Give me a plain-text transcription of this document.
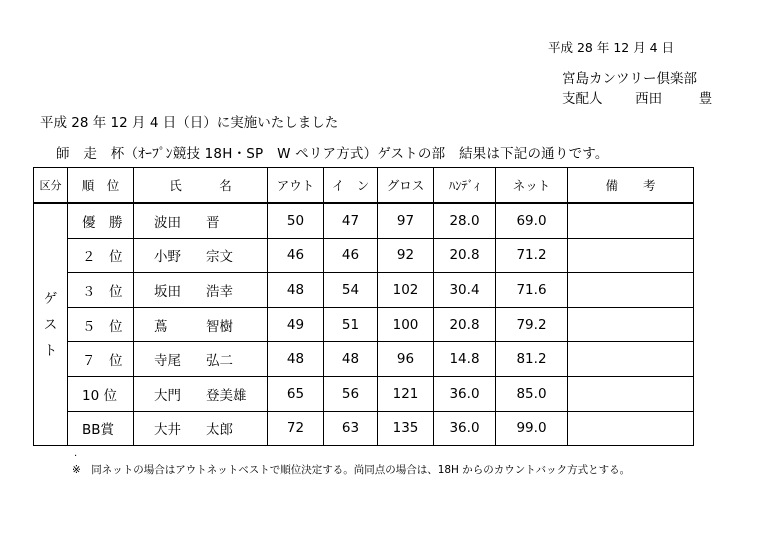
平成 28 年 12 月 4 日
宮島カンツリー倶楽部
支配人 西田	豊
平成 28 年 12 月 4 日（日）に実施いたしました
師　走　杯（ｵｰﾌﾟﾝ競技 18H・SP　W ペリア方式）ゲストの部　結果は下記の通りです。
区分	順　位	氏　　　名	アウト	イ　ン	グロス	ﾊﾝﾃﾞｨ	ネット	備　　考

ゲ
ス
ト	優　勝	波田 晋	50	47	97	28.0	69.0	
	２　位	小野 宗文	46	46	92	20.8	71.2	
	３　位	坂田 浩幸	48	54	102	30.4	71.6	
	５　位	蔦 智樹	49	51	100	20.8	79.2	
	７　位	寺尾 弘二	48	48	96	14.8	81.2	
	10 位	大門 登美雄	65	56	121	36.0	85.0	
	BB賞	大井 太郎	72	63	135	36.0	99.0	
.
※　同ネットの場合はアウトネットベストで順位決定する。尚同点の場合は、18H からのカウントバック方式とする。
